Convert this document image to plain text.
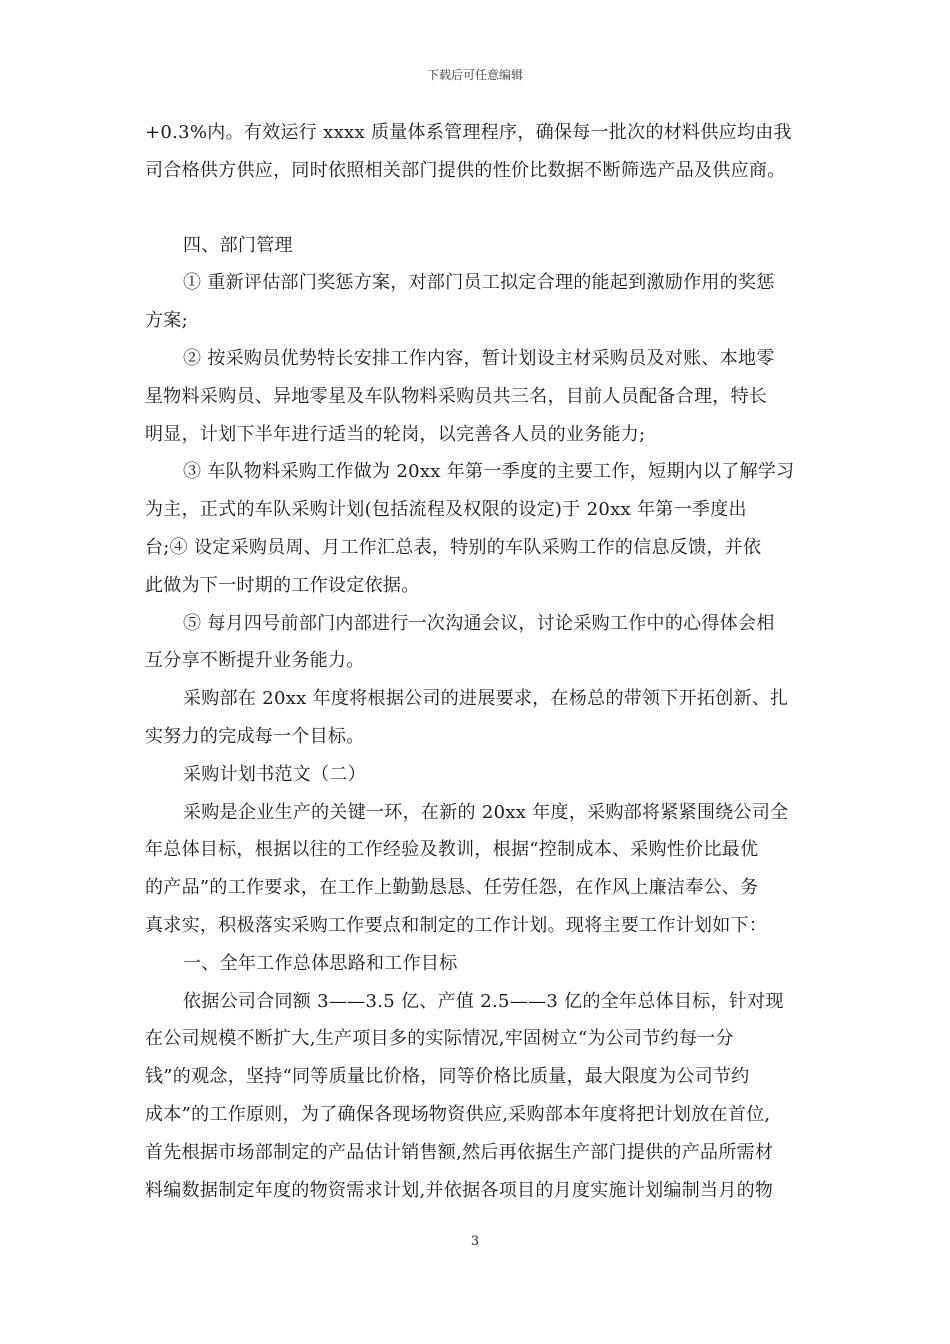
下载后可任意编辑
+0.3%内。有效运行 xxxx 质量体系管理程序，确保每一批次的材料供应均由我
司合格供方供应，同时依照相关部门提供的性价比数据不断筛选产品及供应商。
四、部门管理
① 重新评估部门奖惩方案，对部门员工拟定合理的能起到激励作用的奖惩
方案;
② 按采购员优势特长安排工作内容，暂计划设主材采购员及对账、本地零
星物料采购员、异地零星及车队物料采购员共三名，目前人员配备合理，特长
明显，计划下半年进行适当的轮岗，以完善各人员的业务能力;
③ 车队物料采购工作做为 20xx 年第一季度的主要工作，短期内以了解学习
为主，正式的车队采购计划(包括流程及权限的设定)于 20xx 年第一季度出
台;④ 设定采购员周、月工作汇总表，特别的车队采购工作的信息反馈，并依
此做为下一时期的工作设定依据。
⑤ 每月四号前部门内部进行一次沟通会议，讨论采购工作中的心得体会相
互分享不断提升业务能力。
采购部在 20xx 年度将根据公司的进展要求，在杨总的带领下开拓创新、扎
实努力的完成每一个目标。
采购计划书范文（二）
采购是企业生产的关键一环，在新的 20xx 年度，采购部将紧紧围绕公司全
年总体目标，根据以往的工作经验及教训，根据“控制成本、采购性价比最优
的产品”的工作要求，在工作上勤勤恳恳、任劳任怨，在作风上廉洁奉公、务
真求实，积极落实采购工作要点和制定的工作计划。现将主要工作计划如下：
一、全年工作总体思路和工作目标
依据公司合同额 3——3.5 亿、产值 2.5——3 亿的全年总体目标，针对现
在公司规模不断扩大,生产项目多的实际情况,牢固树立“为公司节约每一分
钱”的观念，坚持“同等质量比价格，同等价格比质量，最大限度为公司节约
成本”的工作原则，为了确保各现场物资供应,采购部本年度将把计划放在首位,
首先根据市场部制定的产品估计销售额,然后再依据生产部门提供的产品所需材
料编数据制定年度的物资需求计划,并依据各项目的月度实施计划编制当月的物
3
